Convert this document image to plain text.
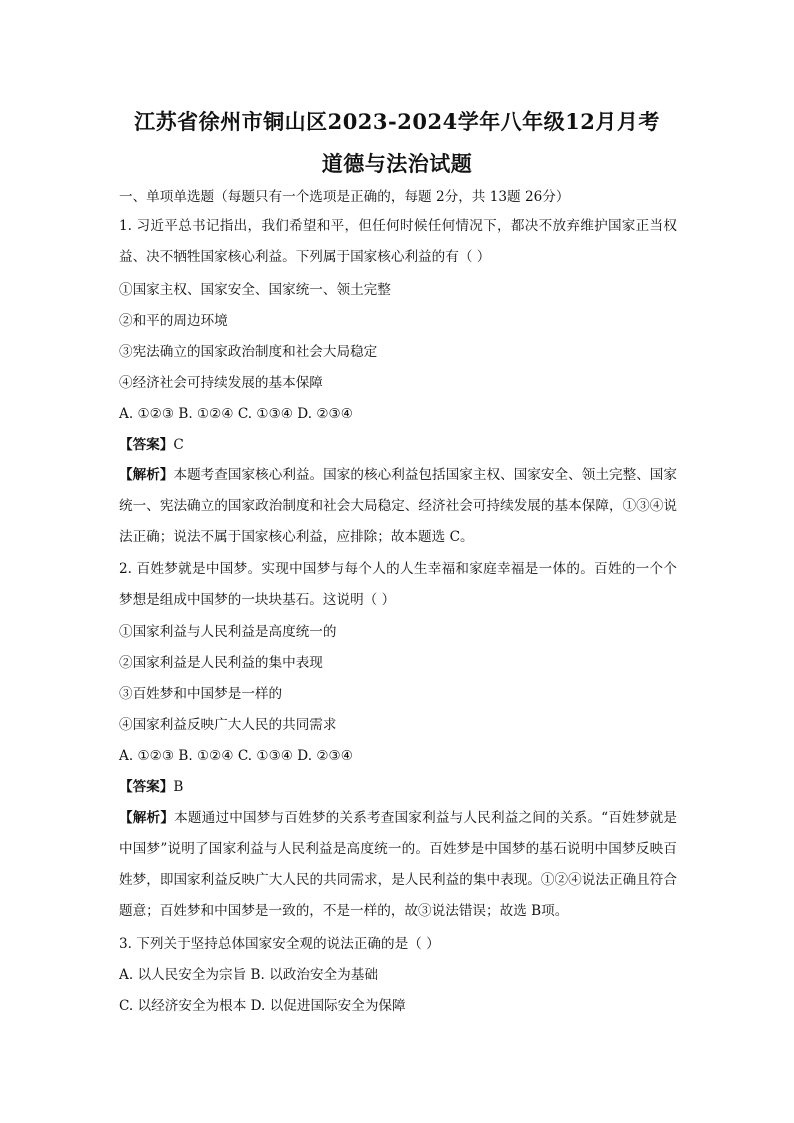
江苏省徐州市铜山区2023-2024学年八年级12月月考
道德与法治试题
一、单项单选题（每题只有一个选项是正确的，每题 2分，共 13题 26分）
1. 习近平总书记指出，我们希望和平，但任何时候任何情况下，都决不放弃维护国家正当权益、决不牺牲国家核心利益。下列属于国家核心利益的有（ ）
①国家主权、国家安全、国家统一、领土完整
②和平的周边环境
③宪法确立的国家政治制度和社会大局稳定
④经济社会可持续发展的基本保障
A. ①②③ B. ①②④ C. ①③④ D. ②③④
【答案】C
【解析】本题考查国家核心利益。国家的核心利益包括国家主权、国家安全、领土完整、国家统一、宪法确立的国家政治制度和社会大局稳定、经济社会可持续发展的基本保障，①③④说法正确；说法不属于国家核心利益，应排除；故本题选 C。
2. 百姓梦就是中国梦。实现中国梦与每个人的人生幸福和家庭幸福是一体的。百姓的一个个梦想是组成中国梦的一块块基石。这说明（ ）
①国家利益与人民利益是高度统一的
②国家利益是人民利益的集中表现
③百姓梦和中国梦是一样的
④国家利益反映广大人民的共同需求
A. ①②③ B. ①②④ C. ①③④ D. ②③④
【答案】B
【解析】本题通过中国梦与百姓梦的关系考查国家利益与人民利益之间的关系。“百姓梦就是中国梦”说明了国家利益与人民利益是高度统一的。百姓梦是中国梦的基石说明中国梦反映百姓梦，即国家利益反映广大人民的共同需求，是人民利益的集中表现。①②④说法正确且符合题意；百姓梦和中国梦是一致的，不是一样的，故③说法错误；故选 B项。
3. 下列关于坚持总体国家安全观的说法正确的是（ ）
A. 以人民安全为宗旨 B. 以政治安全为基础
C. 以经济安全为根本 D. 以促进国际安全为保障
